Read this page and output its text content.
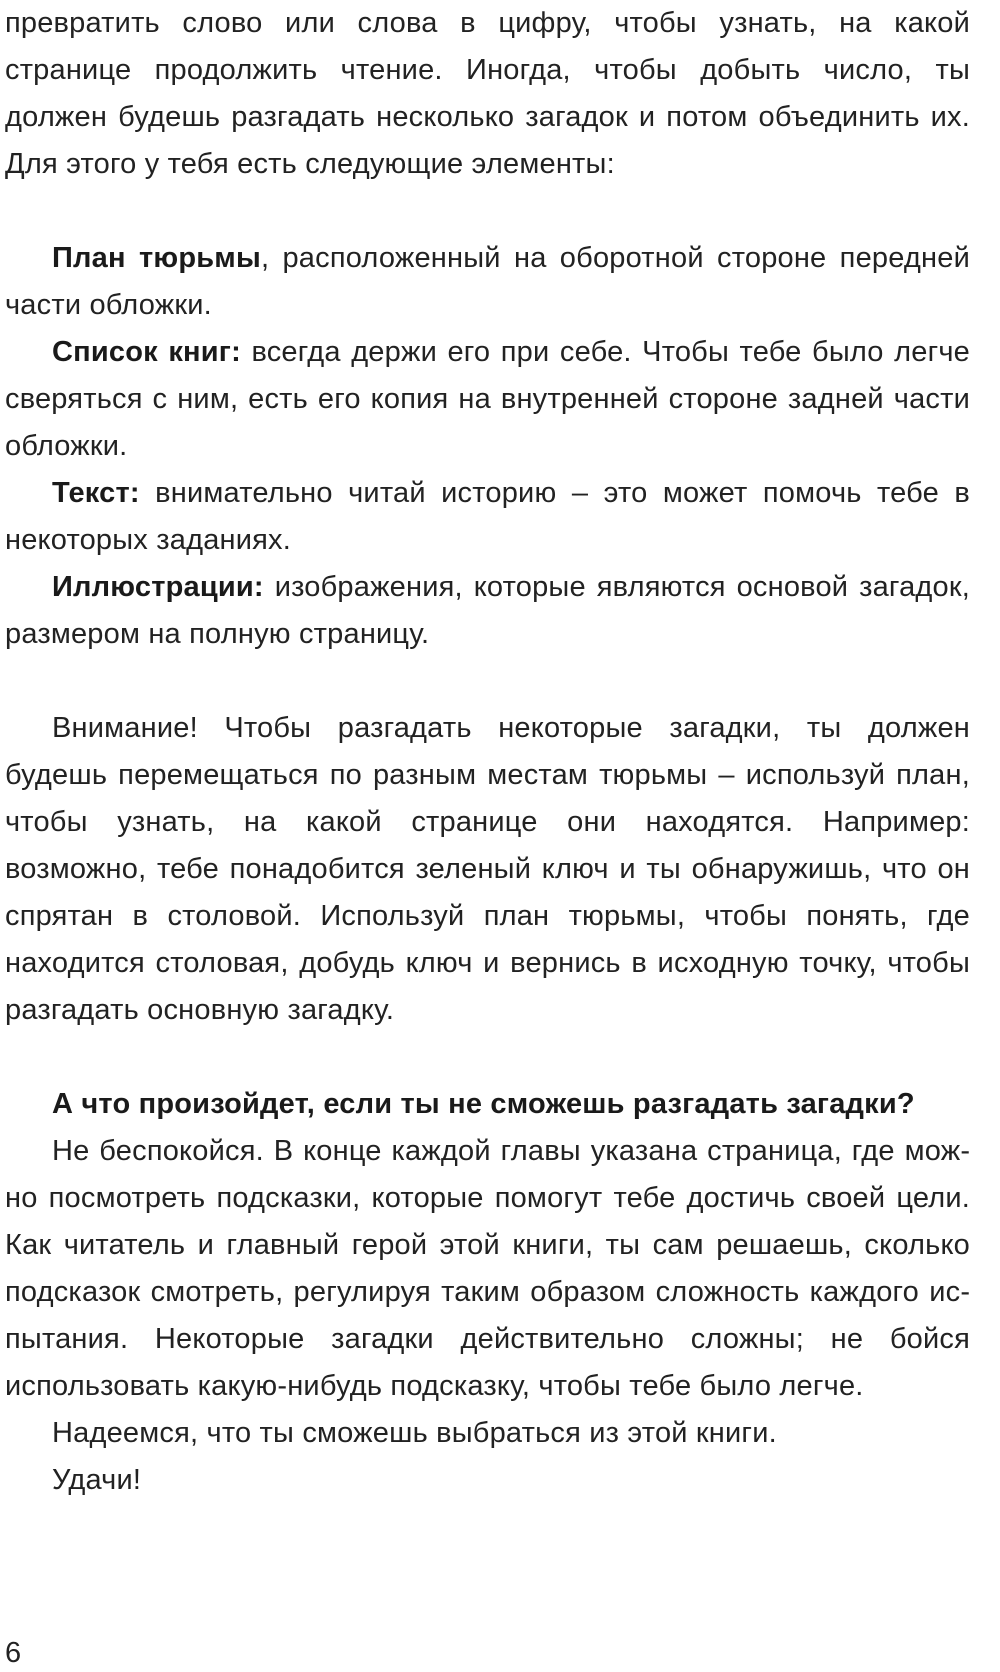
превратить слово или слова в цифру, чтобы узнать, на какой странице продолжить чтение. Иногда, чтобы добыть число, ты должен будешь разгадать несколько загадок и потом объединить их. Для этого у тебя есть следующие элементы:

План тюрьмы, расположенный на оборотной стороне передней части обложки.

Список книг: всегда держи его при себе. Чтобы тебе было легче сверяться с ним, есть его копия на внутренней стороне задней части обложки.

Текст: внимательно читай историю – это может помочь тебе в некоторых заданиях.

Иллюстрации: изображения, которые являются основой загадок, размером на полную страницу.

Внимание! Чтобы разгадать некоторые загадки, ты должен будешь перемещаться по разным местам тюрьмы – используй план, чтобы узнать, на какой странице они находятся. Например: возможно, тебе понадобится зеленый ключ и ты обнаружишь, что он спрятан в столовой. Используй план тюрьмы, чтобы понять, где находится столовая, добудь ключ и вернись в исходную точку, чтобы разгадать основную загадку.

А что произойдет, если ты не сможешь разгадать загадки?

Не беспокойся. В конце каждой главы указана страница, где можно посмотреть подсказки, которые помогут тебе достичь своей цели. Как читатель и главный герой этой книги, ты сам решаешь, сколько подсказок смотреть, регулируя таким образом сложность каждого испытания. Некоторые загадки действительно сложны; не бойся использовать какую-нибудь подсказку, чтобы тебе было легче.

Надеемся, что ты сможешь выбраться из этой книги.

Удачи!

6
